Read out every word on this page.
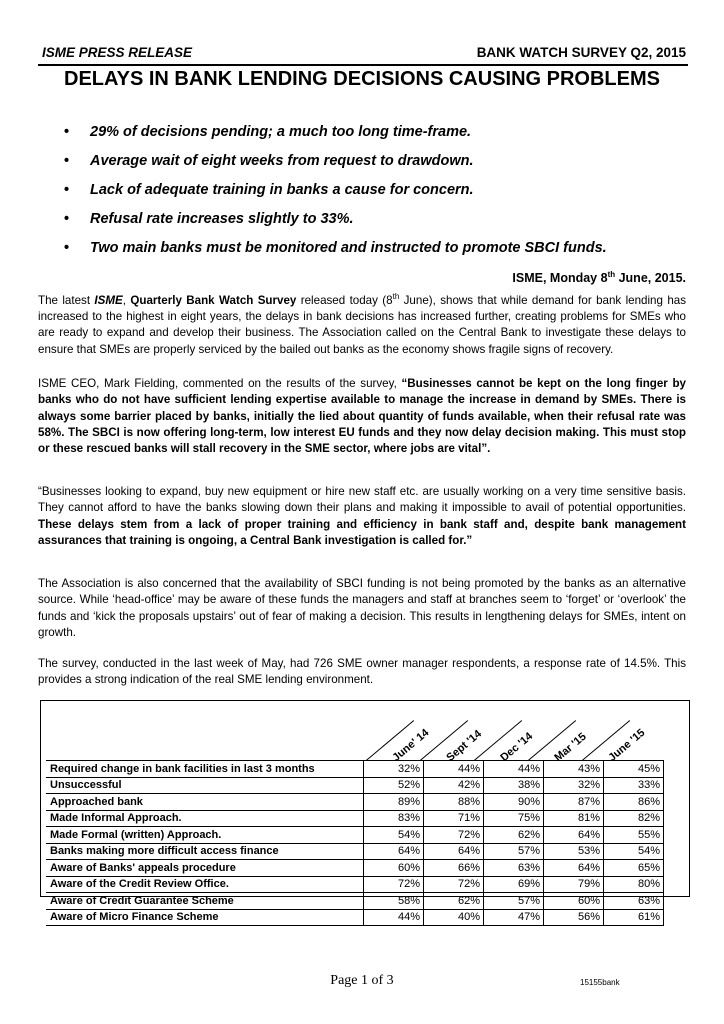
ISME PRESS RELEASE	BANK WATCH SURVEY Q2, 2015
DELAYS IN BANK LENDING DECISIONS CAUSING PROBLEMS
• 29% of decisions pending; a much too long time-frame.
• Average wait of eight weeks from request to drawdown.
• Lack of adequate training in banks a cause for concern.
• Refusal rate increases slightly to 33%.
• Two main banks must be monitored and instructed to promote SBCI funds.
ISME, Monday 8th June, 2015.
The latest ISME, Quarterly Bank Watch Survey released today (8th June), shows that while demand for bank lending has increased to the highest in eight years, the delays in bank decisions has increased further, creating problems for SMEs who are ready to expand and develop their business. The Association called on the Central Bank to investigate these delays to ensure that SMEs are properly serviced by the bailed out banks as the economy shows fragile signs of recovery.
ISME CEO, Mark Fielding, commented on the results of the survey, “Businesses cannot be kept on the long finger by banks who do not have sufficient lending expertise available to manage the increase in demand by SMEs. There is always some barrier placed by banks, initially the lied about quantity of funds available, when their refusal rate was 58%. The SBCI is now offering long-term, low interest EU funds and they now delay decision making. This must stop or these rescued banks will stall recovery in the SME sector, where jobs are vital”.
“Businesses looking to expand, buy new equipment or hire new staff etc. are usually working on a very time sensitive basis. They cannot afford to have the banks slowing down their plans and making it impossible to avail of potential opportunities. These delays stem from a lack of proper training and efficiency in bank staff and, despite bank management assurances that training is ongoing, a Central Bank investigation is called for.”
The Association is also concerned that the availability of SBCI funding is not being promoted by the banks as an alternative source. While ‘head-office’ may be aware of these funds the managers and staff at branches seem to ‘forget’ or ‘overlook’ the funds and ‘kick the proposals upstairs’ out of fear of making a decision. This results in lengthening delays for SMEs, intent on growth.
The survey, conducted in the last week of May, had 726 SME owner manager respondents, a response rate of 14.5%. This provides a strong indication of the real SME lending environment.
June' 14 Sept '14 Dec '14 Mar '15 June '15
Required change in bank facilities in last 3 months	32%	44%	44%	43%	45%	
Unsuccessful	52%	42%	38%	32%	33%	
Approached bank	89%	88%	90%	87%	86%	
Made Informal Approach.	83%	71%	75%	81%	82%	
Made Formal (written) Approach.	54%	72%	62%	64%	55%	
Banks making more difficult access finance	64%	64%	57%	53%	54%	
Aware of Banks' appeals procedure	60%	66%	63%	64%	65%	
Aware of the Credit Review Office.	72%	72%	69%	79%	80%	
Aware of Credit Guarantee Scheme	58%	62%	57%	60%	63%	
Aware of Micro Finance Scheme	44%	40%	47%	56%	61%	
Page 1 of 3	15155bank
